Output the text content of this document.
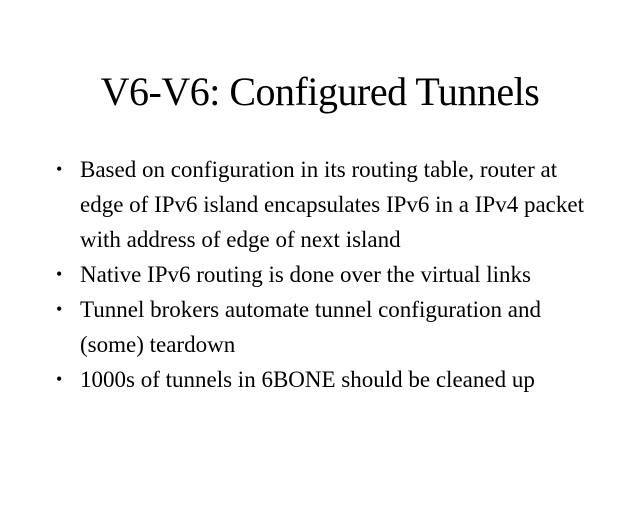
V6-V6: Configured Tunnels
• Based on configuration in its routing table, router at edge of IPv6 island encapsulates IPv6 in a IPv4 packet with address of edge of next island
• Native IPv6 routing is done over the virtual links
• Tunnel brokers automate tunnel configuration and (some) teardown
• 1000s of tunnels in 6BONE should be cleaned up
